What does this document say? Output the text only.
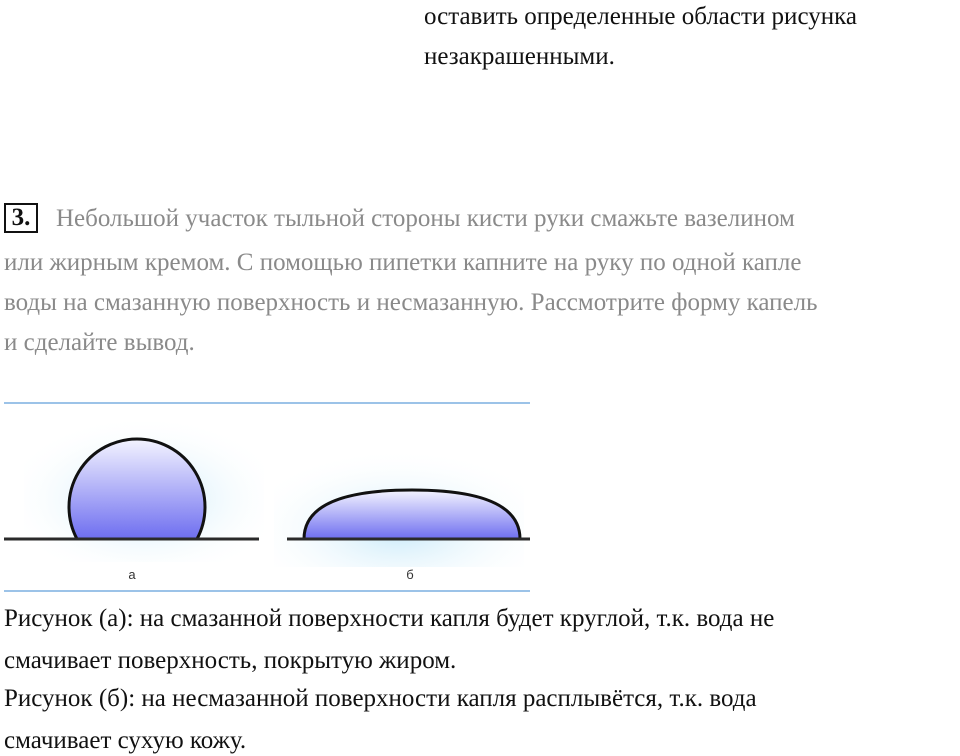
оставить определенные области рисунка
незакрашенными.
3.	Небольшой участок тыльной стороны кисти руки смажьте вазелином
или жирным кремом. С помощью пипетки капните на руку по одной капле
воды на смазанную поверхность и несмазанную. Рассмотрите форму капель
и сделайте вывод.
а	б
Рисунок (а): на смазанной поверхности капля будет круглой, т.к. вода не
смачивает поверхность, покрытую жиром.
Рисунок (б): на несмазанной поверхности капля расплывётся, т.к. вода
смачивает сухую кожу.
